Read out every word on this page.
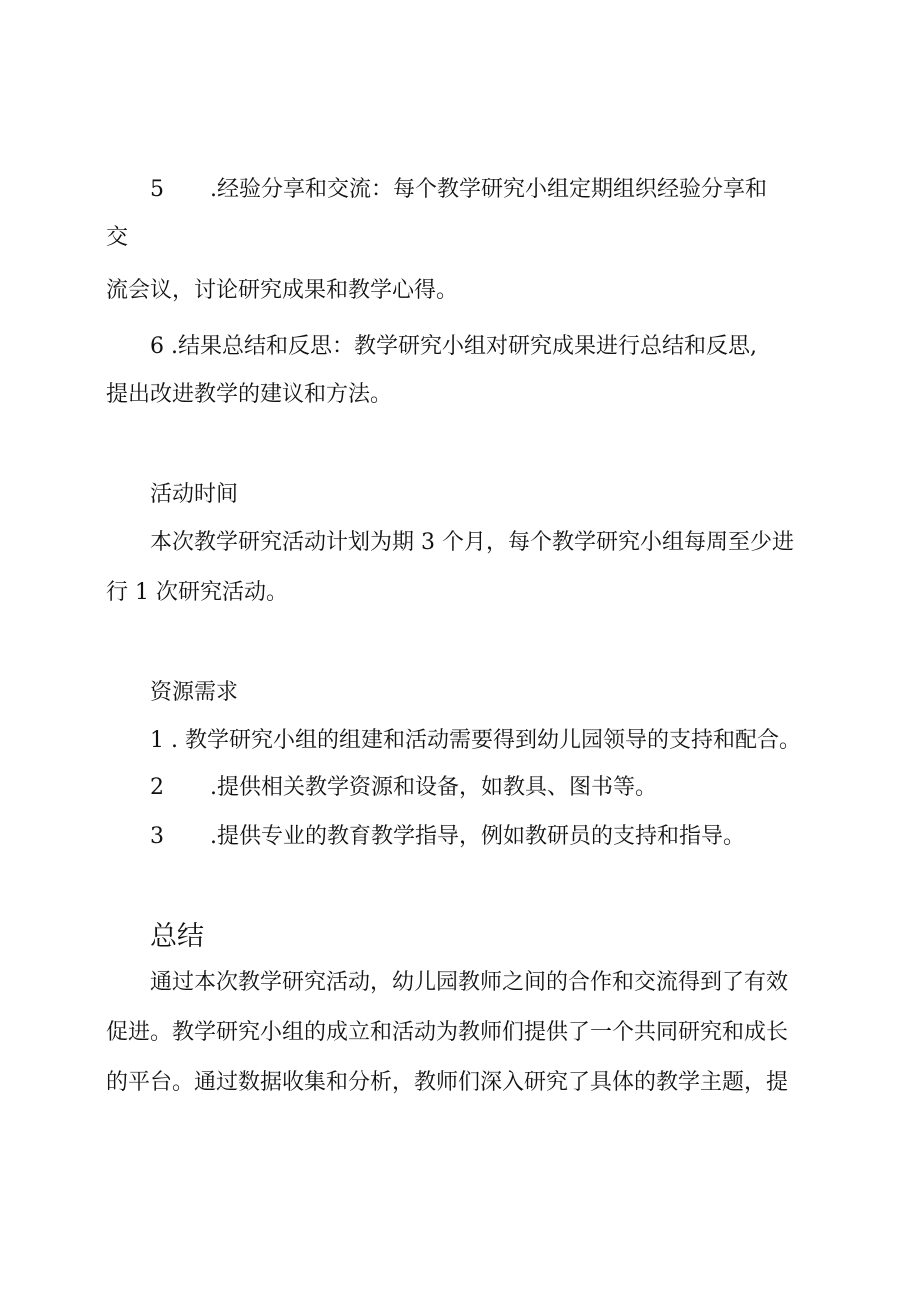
5 .经验分享和交流：每个教学研究小组定期组织经验分享和
交
流会议，讨论研究成果和教学心得。
6 .结果总结和反思：教学研究小组对研究成果进行总结和反思,
提出改进教学的建议和方法。
活动时间
本次教学研究活动计划为期 3 个月，每个教学研究小组每周至少进
行 1 次研究活动。
资源需求
1 . 教学研究小组的组建和活动需要得到幼儿园领导的支持和配合。
2 .提供相关教学资源和设备，如教具、图书等。
3 .提供专业的教育教学指导，例如教研员的支持和指导。
总结
通过本次教学研究活动，幼儿园教师之间的合作和交流得到了有效
促进。教学研究小组的成立和活动为教师们提供了一个共同研究和成长
的平台。通过数据收集和分析，教师们深入研究了具体的教学主题，提
